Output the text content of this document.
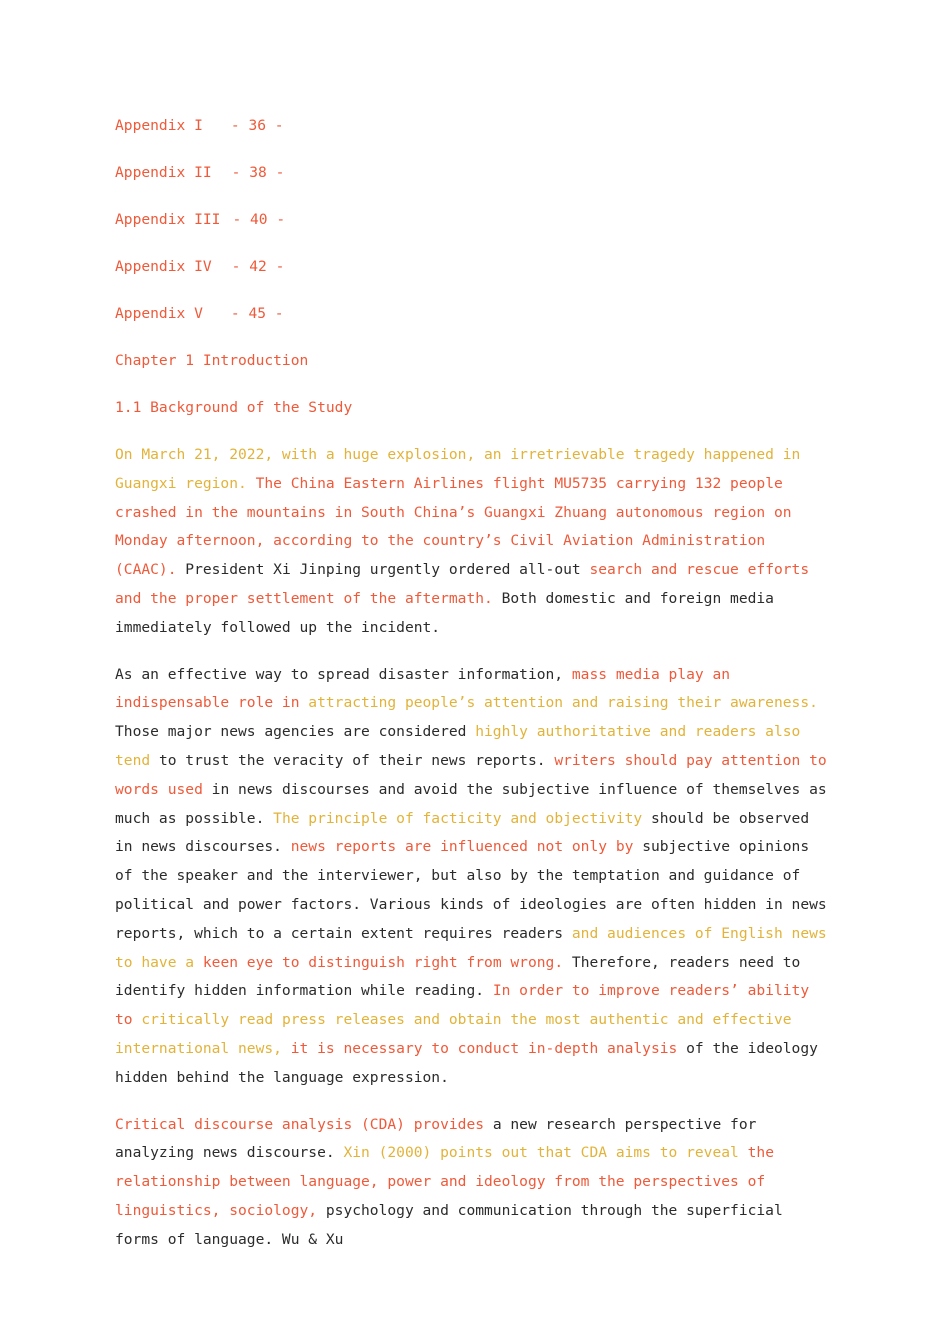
Appendix I - 36 -
Appendix II - 38 -
Appendix III - 40 -
Appendix IV - 42 -
Appendix V - 45 -
Chapter 1 Introduction
1.1 Background of the Study

On March 21, 2022, with a huge explosion, an irretrievable tragedy happened in Guangxi region. The China Eastern Airlines flight MU5735 carrying 132 people crashed in the mountains in South China’s Guangxi Zhuang autonomous region on Monday afternoon, according to the country’s Civil Aviation Administration (CAAC). President Xi Jinping urgently ordered all-out search and rescue efforts and the proper settlement of the aftermath. Both domestic and foreign media immediately followed up the incident.

As an effective way to spread disaster information, mass media play an indispensable role in attracting people’s attention and raising their awareness. Those major news agencies are considered highly authoritative and readers also tend to trust the veracity of their news reports. writers should pay attention to words used in news discourses and avoid the subjective influence of themselves as much as possible. The principle of facticity and objectivity should be observed in news discourses. news reports are influenced not only by subjective opinions of the speaker and the interviewer, but also by the temptation and guidance of political and power factors. Various kinds of ideologies are often hidden in news reports, which to a certain extent requires readers and audiences of English news to have a keen eye to distinguish right from wrong. Therefore, readers need to identify hidden information while reading. In order to improve readers’ ability to critically read press releases and obtain the most authentic and effective international news, it is necessary to conduct in-depth analysis of the ideology hidden behind the language expression.

Critical discourse analysis (CDA) provides a new research perspective for analyzing news discourse. Xin (2000) points out that CDA aims to reveal the relationship between language, power and ideology from the perspectives of linguistics, sociology, psychology and communication through the superficial forms of language. Wu & Xu
